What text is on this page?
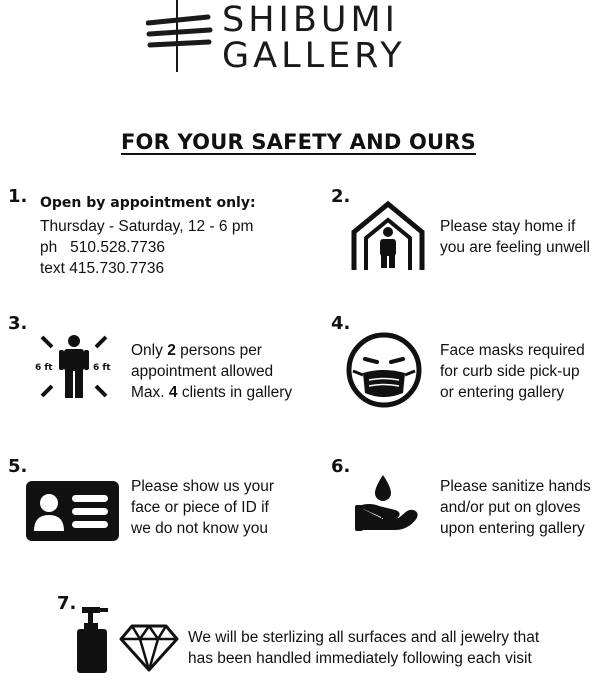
SHIBUMI
GALLERY
FOR YOUR SAFETY AND OURS
1. Open by appointment only:
Thursday - Saturday, 12 - 6 pm
ph   510.528.7736
text 415.730.7736
2.
Please stay home if
you are feeling unwell
3.
6 ft	6 ft
Only 2 persons per
appointment allowed
Max. 4 clients in gallery
4.
Face masks required
for curb side pick-up
or entering gallery
5.
Please show us your
face or piece of ID if
we do not know you
6.
Please sanitize hands
and/or put on gloves
upon entering gallery
7.
We will be sterlizing all surfaces and all jewelry that
has been handled immediately following each visit
